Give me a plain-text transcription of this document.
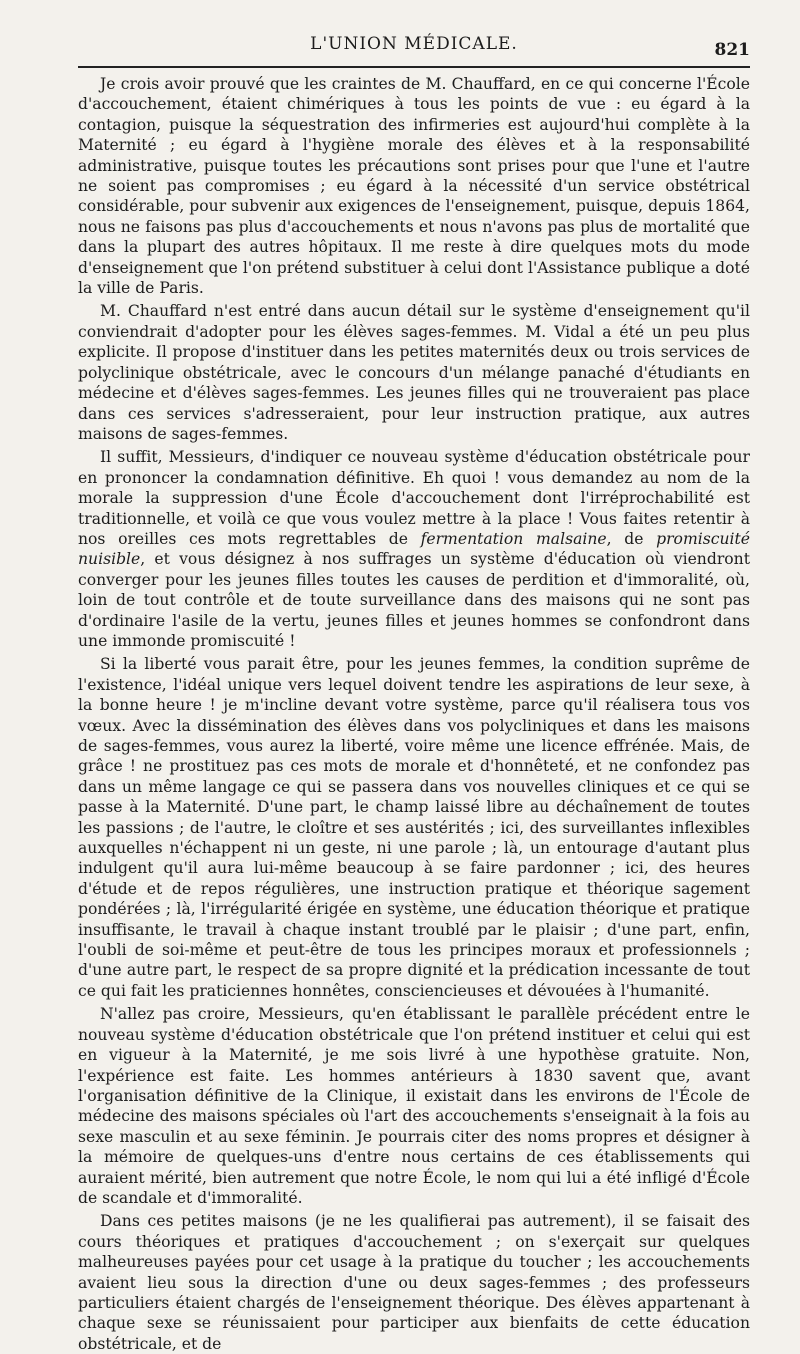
L'UNION MÉDICALE.	821

Je crois avoir prouvé que les craintes de M. Chauffard, en ce qui concerne l'École d'accouchement, étaient chimériques à tous les points de vue : eu égard à la contagion, puisque la séquestration des infirmeries est aujourd'hui complète à la Maternité ; eu égard à l'hygiène morale des élèves et à la responsabilité administrative, puisque toutes les précautions sont prises pour que l'une et l'autre ne soient pas compromises ; eu égard à la nécessité d'un service obstétrical considérable, pour subvenir aux exigences de l'enseignement, puisque, depuis 1864, nous ne faisons pas plus d'accouchements et nous n'avons pas plus de mortalité que dans la plupart des autres hôpitaux. Il me reste à dire quelques mots du mode d'enseignement que l'on prétend substituer à celui dont l'Assistance publique a doté la ville de Paris.

M. Chauffard n'est entré dans aucun détail sur le système d'enseignement qu'il conviendrait d'adopter pour les élèves sages-femmes. M. Vidal a été un peu plus explicite. Il propose d'instituer dans les petites maternités deux ou trois services de polyclinique obstétricale, avec le concours d'un mélange panaché d'étudiants en médecine et d'élèves sages-femmes. Les jeunes filles qui ne trouveraient pas place dans ces services s'adresseraient, pour leur instruction pratique, aux autres maisons de sages-femmes.

Il suffit, Messieurs, d'indiquer ce nouveau système d'éducation obstétricale pour en prononcer la condamnation définitive. Eh quoi ! vous demandez au nom de la morale la suppression d'une École d'accouchement dont l'irréprochabilité est traditionnelle, et voilà ce que vous voulez mettre à la place ! Vous faites retentir à nos oreilles ces mots regrettables de fermentation malsaine, de promiscuité nuisible, et vous désignez à nos suffrages un système d'éducation où viendront converger pour les jeunes filles toutes les causes de perdition et d'immoralité, où, loin de tout contrôle et de toute surveillance dans des maisons qui ne sont pas d'ordinaire l'asile de la vertu, jeunes filles et jeunes hommes se confondront dans une immonde promiscuité !

Si la liberté vous parait être, pour les jeunes femmes, la condition suprême de l'existence, l'idéal unique vers lequel doivent tendre les aspirations de leur sexe, à la bonne heure ! je m'incline devant votre système, parce qu'il réalisera tous vos vœux. Avec la dissémination des élèves dans vos polycliniques et dans les maisons de sages-femmes, vous aurez la liberté, voire même une licence effrénée. Mais, de grâce ! ne prostituez pas ces mots de morale et d'honnêteté, et ne confondez pas dans un même langage ce qui se passera dans vos nouvelles cliniques et ce qui se passe à la Maternité. D'une part, le champ laissé libre au déchaînement de toutes les passions ; de l'autre, le cloître et ses austérités ; ici, des surveillantes inflexibles auxquelles n'échappent ni un geste, ni une parole ; là, un entourage d'autant plus indulgent qu'il aura lui-même beaucoup à se faire pardonner ; ici, des heures d'étude et de repos régulières, une instruction pratique et théorique sagement pondérées ; là, l'irrégularité érigée en système, une éducation théorique et pratique insuffisante, le travail à chaque instant troublé par le plaisir ; d'une part, enfin, l'oubli de soi-même et peut-être de tous les principes moraux et professionnels ; d'une autre part, le respect de sa propre dignité et la prédication incessante de tout ce qui fait les praticiennes honnêtes, consciencieuses et dévouées à l'humanité.

N'allez pas croire, Messieurs, qu'en établissant le parallèle précédent entre le nouveau système d'éducation obstétricale que l'on prétend instituer et celui qui est en vigueur à la Maternité, je me sois livré à une hypothèse gratuite. Non, l'expérience est faite. Les hommes antérieurs à 1830 savent que, avant l'organisation définitive de la Clinique, il existait dans les environs de l'École de médecine des maisons spéciales où l'art des accouchements s'enseignait à la fois au sexe masculin et au sexe féminin. Je pourrais citer des noms propres et désigner à la mémoire de quelques-uns d'entre nous certains de ces établissements qui auraient mérité, bien autrement que notre École, le nom qui lui a été infligé d'École de scandale et d'immoralité.

Dans ces petites maisons (je ne les qualifierai pas autrement), il se faisait des cours théoriques et pratiques d'accouchement ; on s'exerçait sur quelques malheureuses payées pour cet usage à la pratique du toucher ; les accouchements avaient lieu sous la direction d'une ou deux sages-femmes ; des professeurs particuliers étaient chargés de l'enseignement théorique. Des élèves appartenant à chaque sexe se réunissaient pour participer aux bienfaits de cette éducation obstétricale, et de
